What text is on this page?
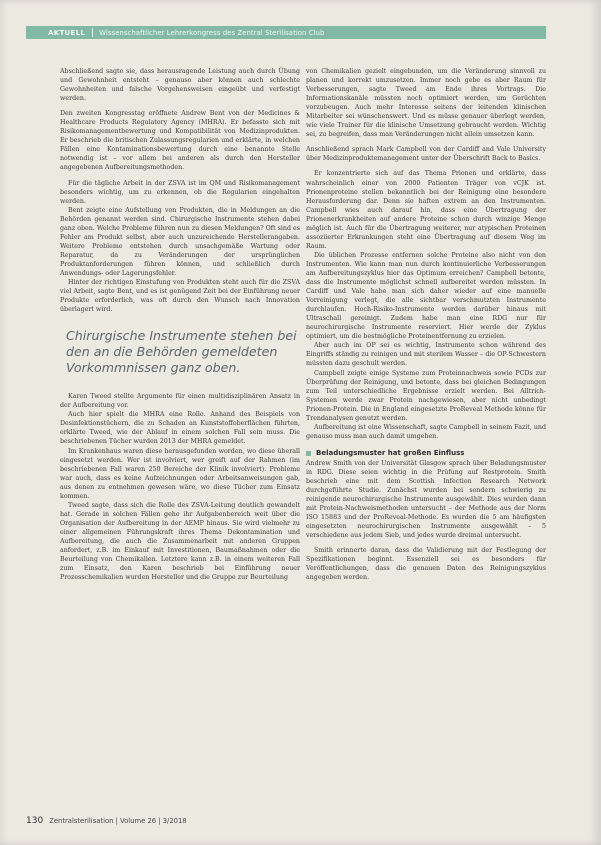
AKTUELL	Wissenschaftlicher Lehrerkongress des Zentral Sterilisation Club

Abschließend sagte sie, dass herausragende Leistung auch durch Übung und Gewohnheit entsteht – genauso aber können auch schlechte Gewohnheiten und falsche Vorgehensweisen eingeübt und verfestigt werden.

Den zweiten Kongresstag eröffnete Andrew Bent von der Medicines & Healthcare Products Regulatory Agency (MHRA). Er befasste sich mit Risikomanagementbewertung und Kompatibilität von Medizinprodukten. Er beschrieb die britischen Zulassungsregularien und erklärte, in welchen Fällen eine Kontaminationsbewertung durch eine benannte Stelle notwendig ist – vor allem bei anderen als durch den Hersteller angegebenen Aufbereitungsmethoden.

Für die tägliche Arbeit in der ZSVA ist im QM und Risikomanagement besonders wichtig, um zu erkennen, ob die Regularien eingehalten werden.

Bent zeigte eine Aufstellung von Produkten, die in Meldungen an die Behörden genannt werden sind. Chirurgische Instrumente stehen dabei ganz oben. Welche Probleme führen nun zu diesen Meldungen? Oft sind es Fehler am Produkt selbst, aber auch unzureichende Herstellerangaben. Weitere Probleme entstehen durch unsachgemäße Wartung oder Reparatur, da zu Veränderungen der ursprünglichen Produktanforderungen führen können, und schließlich durch Anwendungs- oder Lagerungsfehler.

Hinter der richtigen Einstufung von Produkten steht auch für die ZSVA viel Arbeit, sagte Bent, und es ist genügend Zeit bei der Einführung neuer Produkte erforderlich, was oft durch den Wunsch nach Innovation überlagert wird.

Chirurgische Instrumente stehen bei den an die Behörden gemeldeten Vorkommnissen ganz oben.

Karen Tweed stellte Argumente für einen multidisziplinären Ansatz in der Aufbereitung vor.

Auch hier spielt die MHRA eine Rolle. Anhand des Beispiels von Desinfektionstüchern, die zu Schaden an Kunststoffoberflächen führten, erklärte Tweed, wie der Ablauf in einem solchen Fall sein muss. Die beschriebenen Tücher wurden 2013 der MHRA gemeldet.

Im Krankenhaus waren diese herausgefunden worden, wo diese überall eingesetzt werden. Wer ist involviert, wer greift auf der Rahmen (im beschriebenen Fall waren 250 Bereiche der Klinik involviert). Probleme war auch, dass es keine Aufzeichnungen oder Arbeitsanweisungen gab, aus denen zu entnehmen gewesen wäre, wo diese Tücher zum Einsatz kommen.

Tweed sagte, dass sich die Rolle des ZSVA-Leitung deutlich gewandelt hat. Gerade in solchen Fällen gehe ihr Aufgabenbereich weit über die Organisation der Aufbereitung in der AEMP hinaus. Sie wird vielmehr zu einer allgemeinen Führungskraft ihres Thema Dekontamination und Aufbereitung, die auch die Zusammenarbeit mit anderen Gruppen anfordert, z.B. im Einkauf mit Investitionen, Baumaßnahmen oder die Beurteilung von Chemikalien. Letztere kann z.B. in einem weiteren Fall zum Einsatz, den Karen beschrieb bei Einführung neuer Prozesschemikalien wurden Hersteller und die Gruppe zur Beurteilung

von Chemikalien gezielt eingebunden, um die Veränderung sinnvoll zu planen und korrekt umzusetzen. Immer noch gebe es aber Raum für Verbesserungen, sagte Tweed am Ende ihres Vortrags. Die Informationskanäle müssten noch optimiert werden, um Gerüchten vorzubeugen. Auch mehr Interesse seitens der leitenden klinischen Mitarbeiter sei wünschenswert. Und es müsse genauer überlegt werden, wie viele Trainer für die klinische Umsetzung gebraucht werden. Wichtig sei, zu begreifen, dass man Veränderungen nicht allein umsetzen kann.

Anschließend sprach Mark Campbell von der Cardiff and Vale University über Medizinproduktemanagement unter der Überschrift Back to Basics.

Er konzentrierte sich auf das Thema Prionen und erklärte, dass wahrscheinlich einer von 2000 Patienten Träger von vCJK ist. Prionenproteine stellen bekanntlich bei der Reinigung eine besondere Herausforderung dar. Denn sie haften extrem an den Instrumenten. Campbell wies auch darauf hin, dass eine Übertragung der Prionenerkrankheiten auf andere Proteine schon durch winzige Menge möglich ist. Auch für die Übertragung weiterer, nur atypischen Proteinen assoziierter Erkrankungen steht eine Übertragung auf diesem Weg im Raum.

Die üblichen Prozesse entfernen solche Proteine also nicht von den Instrumenten. Wie kann man nun durch kontinuierliche Verbesserungen am Aufbereitungszyklus hier das Optimum erreichen? Campbell betonte, dass die Instrumente möglichst schnell aufbereitet werden müssten. In Cardiff und Vale habe man sich daher wieder auf eine manuelle Vorreinigung verlegt, die alle sichtbar verschmutzten Instrumente durchlaufen. Hoch-Risiko-Instrumente werden darüber hinaus mit Ultraschall gereinigt. Zudem habe man eine RDG nur für neurochirurgische Instrumente reserviert. Hier werde der Zyklus optimiert, um die bestmögliche Proteinentfernung zu erzielen.

Aber auch im OP sei es wichtig, Instrumente schon während des Eingriffs ständig zu reinigen und mit sterilem Wasser – die OP-Schwestern müssten dazu geschult werden.

Campbell zeigte einige Systeme zum Proteinnachweis sowie PCDs zur Überprüfung der Reinigung, und betonte, dass bei gleichen Bedingungen zum Teil unterschiedliche Ergebnisse erzielt werden. Bei Alltrich-Systemen werde zwar Protein nachgewiesen, aber nicht unbedingt Prionen-Protein. Die in England eingesetzte ProReveal Methode könne für Trendanalysen genutzt werden.

Aufbereitung ist eine Wissenschaft, sagte Campbell in seinem Fazit, und genauso muss man auch damit umgehen.

Beladungsmuster hat großen Einfluss

Andrew Smith von der Universität Glasgow sprach über Beladungsmuster in RDG. Diese seien wichtig in die Prüfung auf Restprotein. Smith beschrieb eine mit dem Scottish Infection Research Network durchgeführte Studie. Zunächst wurden bei sondern schwierig zu reinigende neurochirurgische Instrumente ausgewählt. Dies wurden dann mit Protein-Nachweismethoden untersucht – der Methode aus der Norm ISO 15883 und der ProReveal-Methode. Es wurden die 5 am häufigsten eingesetzten neurochirurgischen Instrumente ausgewählt – 5 verschiedene aus jedem Sieb, und jedes wurde dreimal untersucht.

Smith erinnerte daran, dass die Validierung mit der Festlegung der Spezifikationen beginnt. Essenziell sei es besonders für Veröffentlichungen, dass die genauen Daten des Reinigungszyklus angegeben werden.

130 Zentralsterilisation | Volume 26 | 3/2018
